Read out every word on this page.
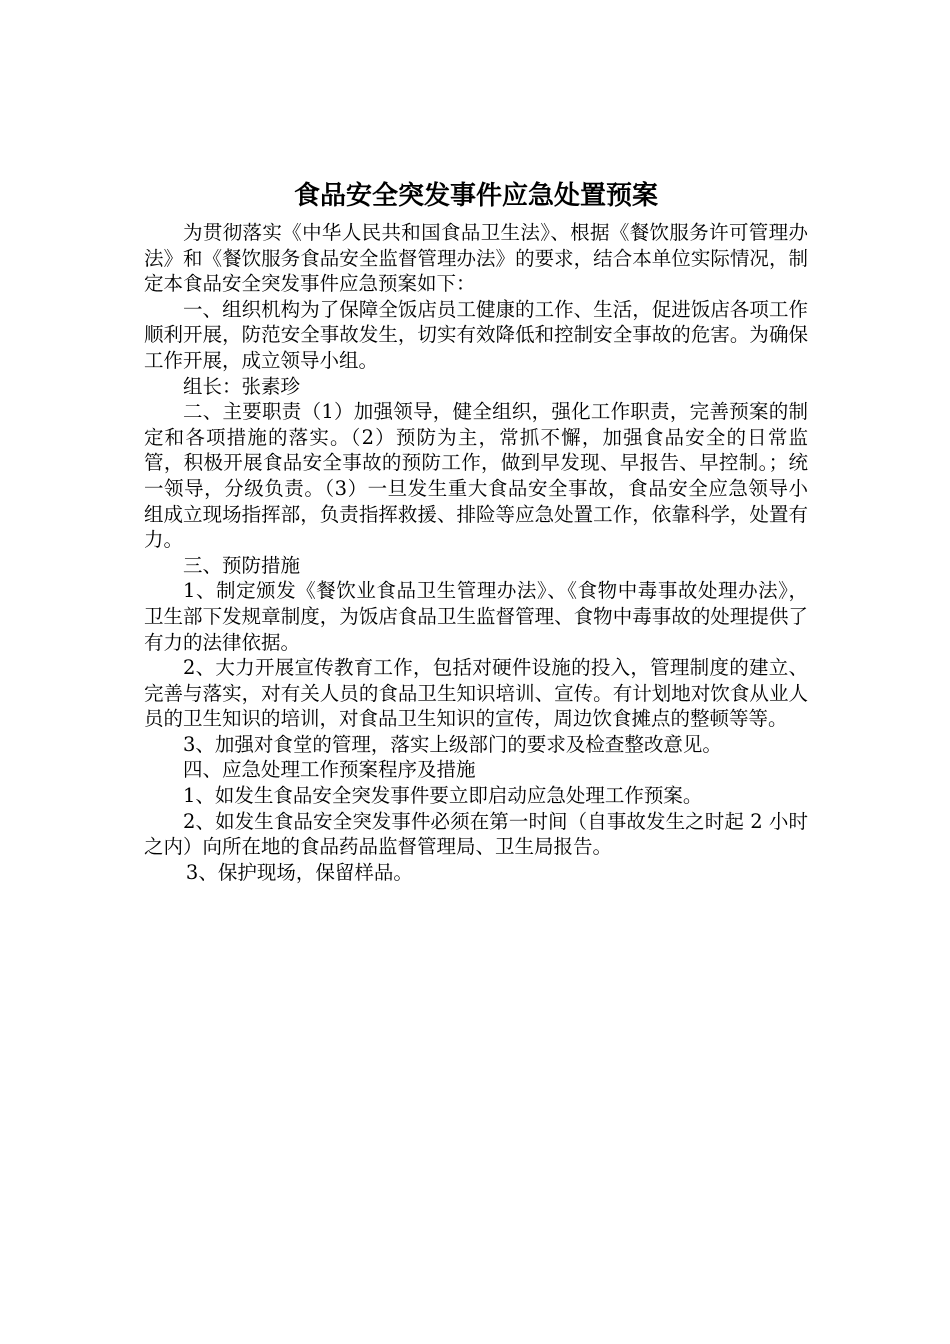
食品安全突发事件应急处置预案

为贯彻落实《中华人民共和国食品卫生法》、根据《餐饮服务许可管理办法》和《餐饮服务食品安全监督管理办法》的要求，结合本单位实际情况，制定本食品安全突发事件应急预案如下：

一、组织机构为了保障全饭店员工健康的工作、生活，促进饭店各项工作顺利开展，防范安全事故发生，切实有效降低和控制安全事故的危害。为确保工作开展，成立领导小组。

组长：张素珍

二、主要职责（1）加强领导，健全组织，强化工作职责，完善预案的制定和各项措施的落实。（2）预防为主，常抓不懈，加强食品安全的日常监管，积极开展食品安全事故的预防工作，做到早发现、早报告、早控制。；统一领导，分级负责。（3）一旦发生重大食品安全事故，食品安全应急领导小组成立现场指挥部，负责指挥救援、排险等应急处置工作，依靠科学，处置有力。

三、预防措施

1、制定颁发《餐饮业食品卫生管理办法》、《食物中毒事故处理办法》，卫生部下发规章制度，为饭店食品卫生监督管理、食物中毒事故的处理提供了有力的法律依据。

2、大力开展宣传教育工作，包括对硬件设施的投入，管理制度的建立、完善与落实，对有关人员的食品卫生知识培训、宣传。有计划地对饮食从业人员的卫生知识的培训，对食品卫生知识的宣传，周边饮食摊点的整顿等等。

3、加强对食堂的管理，落实上级部门的要求及检查整改意见。

四、应急处理工作预案程序及措施

1、如发生食品安全突发事件要立即启动应急处理工作预案。

2、如发生食品安全突发事件必须在第一时间（自事故发生之时起 2 小时之内）向所在地的食品药品监督管理局、卫生局报告。

3、保护现场，保留样品。
